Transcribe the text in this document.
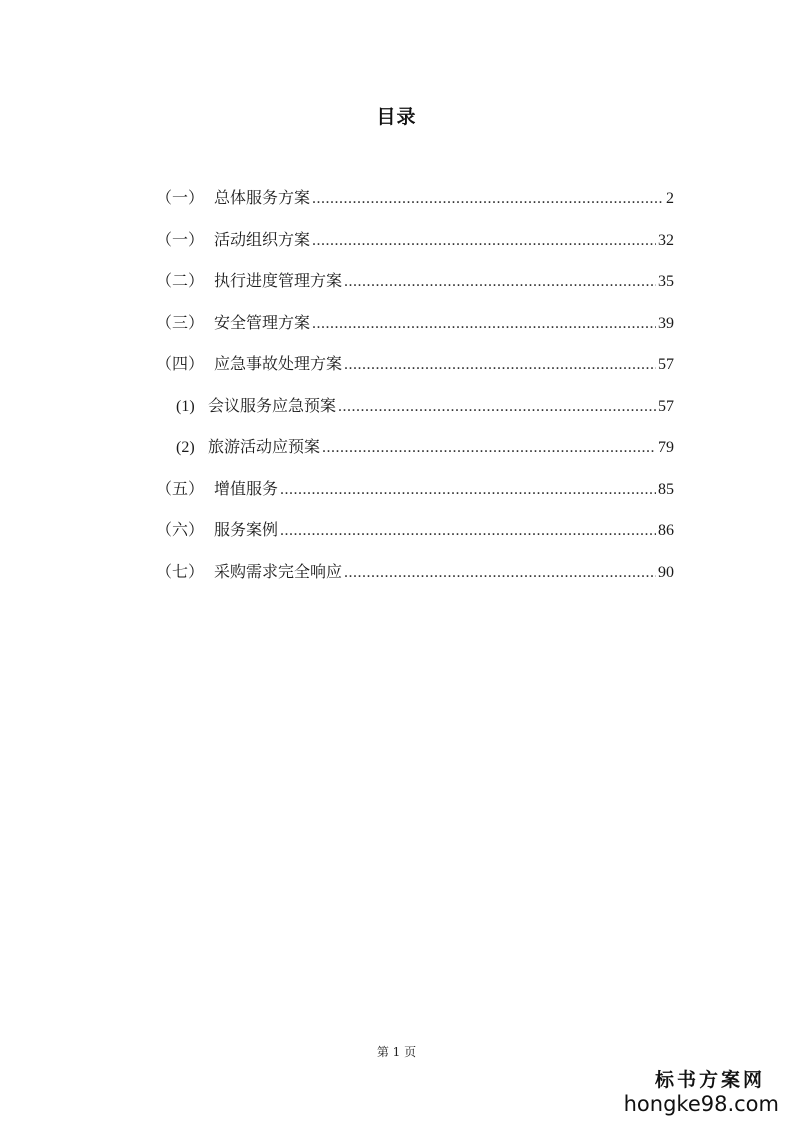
目录
（一） 总体服务方案 .....	2
（一） 活动组织方案 .....	32
（二） 执行进度管理方案 .....	35
（三） 安全管理方案 .....	39
（四） 应急事故处理方案 .....	57
(1) 会议服务应急预案 .....	57
(2) 旅游活动应预案 .....	79
（五） 增值服务 .....	85
（六） 服务案例 .....	86
（七） 采购需求完全响应 .....	90
第 1 页
标书方案网
hongke98.com
